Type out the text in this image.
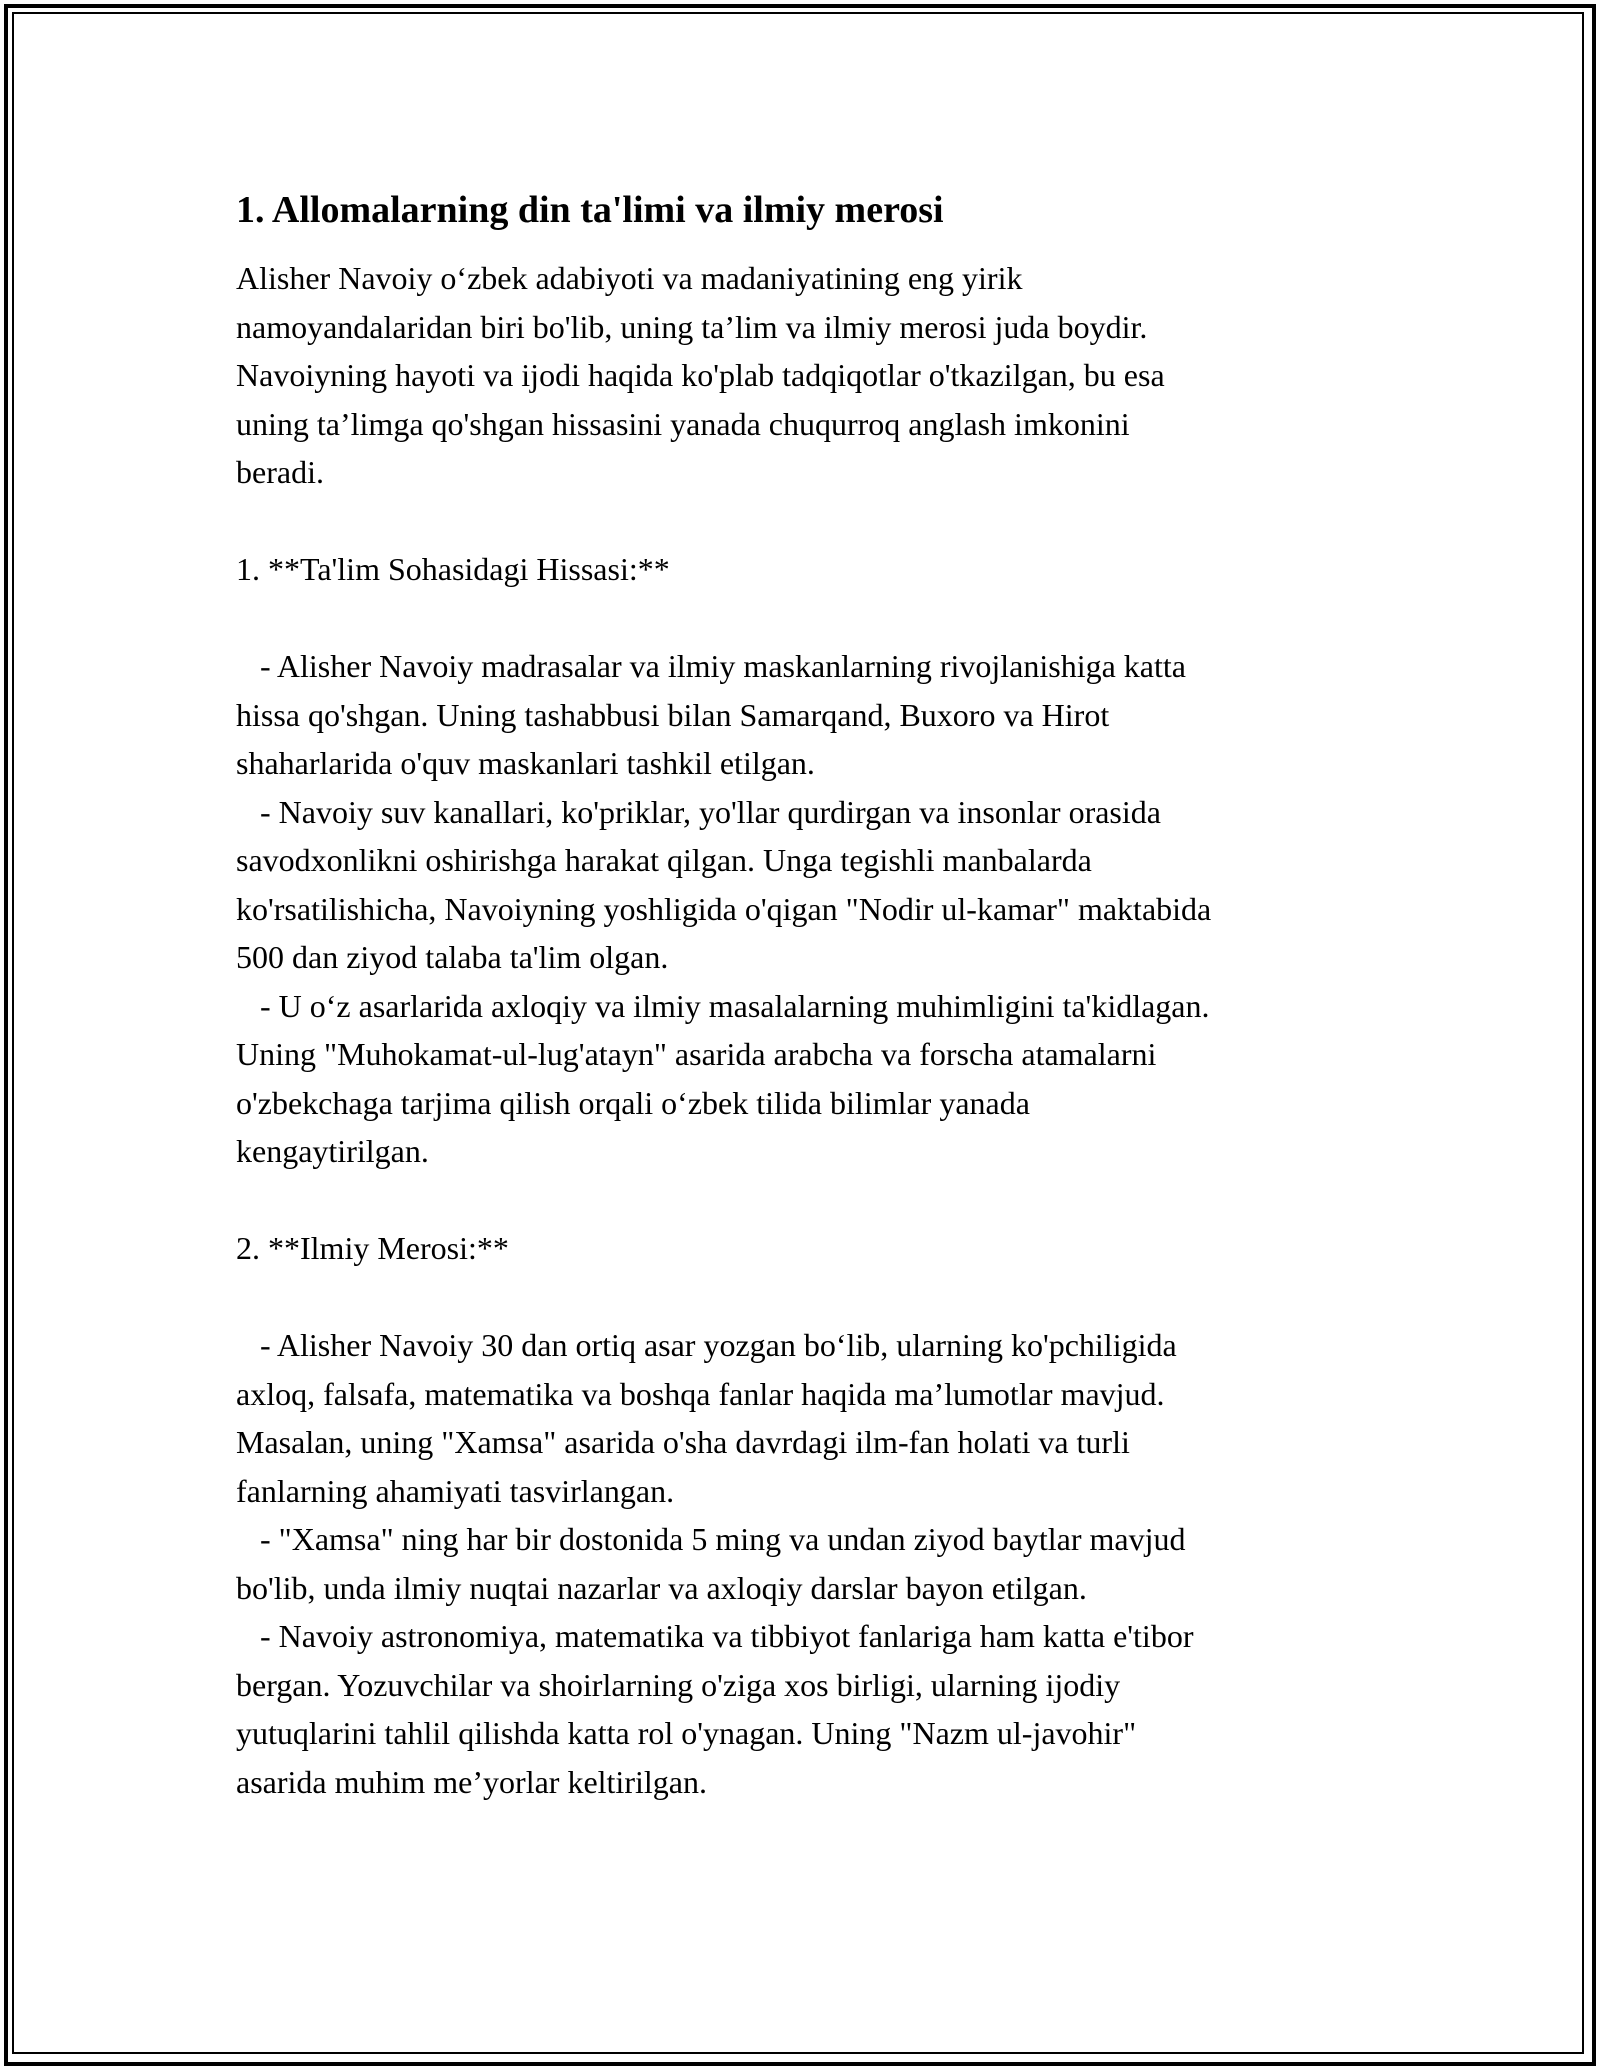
1. Allomalarning din ta'limi va ilmiy merosi

Alisher Navoiy o‘zbek adabiyoti va madaniyatining eng yirik
namoyandalaridan biri bo'lib, uning ta’lim va ilmiy merosi juda boydir.
Navoiyning hayoti va ijodi haqida ko'plab tadqiqotlar o'tkazilgan, bu esa
uning ta’limga qo'shgan hissasini yanada chuqurroq anglash imkonini
beradi.

1. **Ta'lim Sohasidagi Hissasi:**

- Alisher Navoiy madrasalar va ilmiy maskanlarning rivojlanishiga katta
hissa qo'shgan. Uning tashabbusi bilan Samarqand, Buxoro va Hirot
shaharlarida o'quv maskanlari tashkil etilgan.

- Navoiy suv kanallari, ko'priklar, yo'llar qurdirgan va insonlar orasida
savodxonlikni oshirishga harakat qilgan. Unga tegishli manbalarda
ko'rsatilishicha, Navoiyning yoshligida o'qigan "Nodir ul-kamar" maktabida
500 dan ziyod talaba ta'lim olgan.

- U o‘z asarlarida axloqiy va ilmiy masalalarning muhimligini ta'kidlagan.
Uning "Muhokamat-ul-lug'atayn" asarida arabcha va forscha atamalarni
o'zbekchaga tarjima qilish orqali o‘zbek tilida bilimlar yanada
kengaytirilgan.

2. **Ilmiy Merosi:**

- Alisher Navoiy 30 dan ortiq asar yozgan bo‘lib, ularning ko'pchiligida
axloq, falsafa, matematika va boshqa fanlar haqida ma’lumotlar mavjud.
Masalan, uning "Xamsa" asarida o'sha davrdagi ilm-fan holati va turli
fanlarning ahamiyati tasvirlangan.

- "Xamsa" ning har bir dostonida 5 ming va undan ziyod baytlar mavjud
bo'lib, unda ilmiy nuqtai nazarlar va axloqiy darslar bayon etilgan.

- Navoiy astronomiya, matematika va tibbiyot fanlariga ham katta e'tibor
bergan. Yozuvchilar va shoirlarning o'ziga xos birligi, ularning ijodiy
yutuqlarini tahlil qilishda katta rol o'ynagan. Uning "Nazm ul-javohir"
asarida muhim me’yorlar keltirilgan.
